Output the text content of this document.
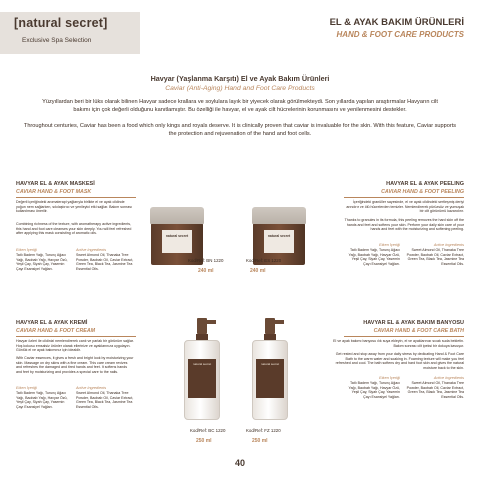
[natural secret]
Exclusive Spa Selection
EL & AYAK BAKIM ÜRÜNLERİ
HAND & FOOT CARE PRODUCTS
Havyar (Yaşlanma Karşıtı) El ve Ayak Bakım Ürünleri
Caviar (Anti-Aging) Hand and Foot Care Products
Yüzyıllardan beri bir lüks olarak bilinen Havyar sadece krallara ve soylulara layık bir yiyecek olarak görülmekteydi. Son yıllarda yapılan araştırmalar Havyarın cilt bakımı için çok değerli olduğunu kanıtlamıştır. Bu özelliği ile havyar, el ve ayak cilt hücrelerinin korunmasını ve yenilenmesini destekler.
Throughout centuries, Caviar has been a food which only kings and royals deserve. It is clinically proven that caviar is invaluable for the skin. With this feature, Caviar supports the protection and rejuvenation of the hand and foot cells.
HAVYAR EL & AYAK MASKESİ
CAVIAR HAND & FOOT MASK
Değerli içeriğindeki aromaterapi yağlarıyla birlikte el ve ayak cildinde yoğun nem sağlarken, sıkılaştırıcı ve yenileyici etki sağlar. Bakım sonrası kullanılması önerilir.
Combining richness of the texture, with aromatherapy active ingredients, this hand and foot care cleanses your skin deeply. You will feel refreshed after applying this mask consisting of aromatic oils.
Etken İçeriği
Tatlı Badem Yağı, Turunç Ağacı Yağı, Baobab Yağı, Havyar Özü, Yeşil Çay, Siyah Çay, Yasemin Çayı Esansiyel Yağları.
Active Ingredients
Sweet Almond Oil, Thanaka Tree Powder, Baobab Oil, Caviar Extract, Green Tea, Black Tea, Jasmine Tea Essential Oils.
natural secret
Kod/Ref: BN 1220
240 ml
natural secret
Kod/Ref: ES 1220
240 ml
HAVYAR EL & AYAK PEELING
CAVIAR HAND & FOOT PEELING
İçeriğindeki granüller sayesinde, el ve ayak cildindeki sertleşmiş deriyi arındırır ve ölü hücrelerden temizler. Nemlendirerek pürüzsüz ve yumuşak bir cilt görünümü kazandırır.
Thanks to granules in its formula, this peeling removes the hard skin off the hands and feet and softens your skin. Perform your daily skin care of your hands and feet with the moisturizing and softening peeling.
Etken İçeriği
Tatlı Badem Yağı, Turunç Ağacı Yağı, Baobab Yağı, Havyar Özü, Yeşil Çay, Siyah Çay, Yasemin Çayı Esansiyel Yağları.
Active Ingredients
Sweet Almond Oil, Thanaka Tree Powder, Baobab Oil, Caviar Extract, Green Tea, Black Tea, Jasmine Tea Essential Oils.
HAVYAR EL & AYAK KREMİ
CAVIAR HAND & FOOT CREAM
Havyar özleri ile cildinizi nemlendirerek canlı ve parlak bir görünüm sağlar. Hoş kokusu emsalsiz ürünler olarak ellerinize ve ayaklarınıza uygulayın. Günlük el ve ayak bakımınız için idealdir.
With Caviar essences, it gives a fresh and bright look by moisturizing your skin. Massage on dry skins with a fine cream. This care cream revives and refreshes the damaged and tired hands and feet. It softens hands and feet by moisturizing and provides a special care to the nails.
Etken İçeriği
Tatlı Badem Yağı, Turunç Ağacı Yağı, Baobab Yağı, Havyar Özü, Yeşil Çay, Siyah Çay, Yasemin Çayı Esansiyel Yağları.
Active Ingredients
Sweet Almond Oil, Thanaka Tree Powder, Baobab Oil, Caviar Extract, Green Tea, Black Tea, Jasmine Tea Essential Oils.
natural secret
Kod/Ref: BC 1220
250 ml
natural secret
Kod/Ref: FZ 1220
250 ml
HAVYAR EL & AYAK BAKIM BANYOSU
CAVIAR HAND & FOOT CARE BATH
El ve ayak bakımı banyosu ılık suya ekleyin, el ve ayaklarınızı sıcak suda bekletin. Bakım sonrası cilt ipeksi bir dokuya kavuşur.
Get rested and stop away from your daily stress by dedicating Hand & Foot Care Bath to the warm water and soaking in. Foaming texture will make you feel refreshed and cool. The bath softens dry and hard foot skin and gives the natural moisture back to the skin.
Etken İçeriği
Tatlı Badem Yağı, Turunç Ağacı Yağı, Baobab Yağı, Havyar Özü, Yeşil Çay, Siyah Çay, Yasemin Çayı Esansiyel Yağları.
Active Ingredients
Sweet Almond Oil, Thanaka Tree Powder, Baobab Oil, Caviar Extract, Green Tea, Black Tea, Jasmine Tea Essential Oils.
40
